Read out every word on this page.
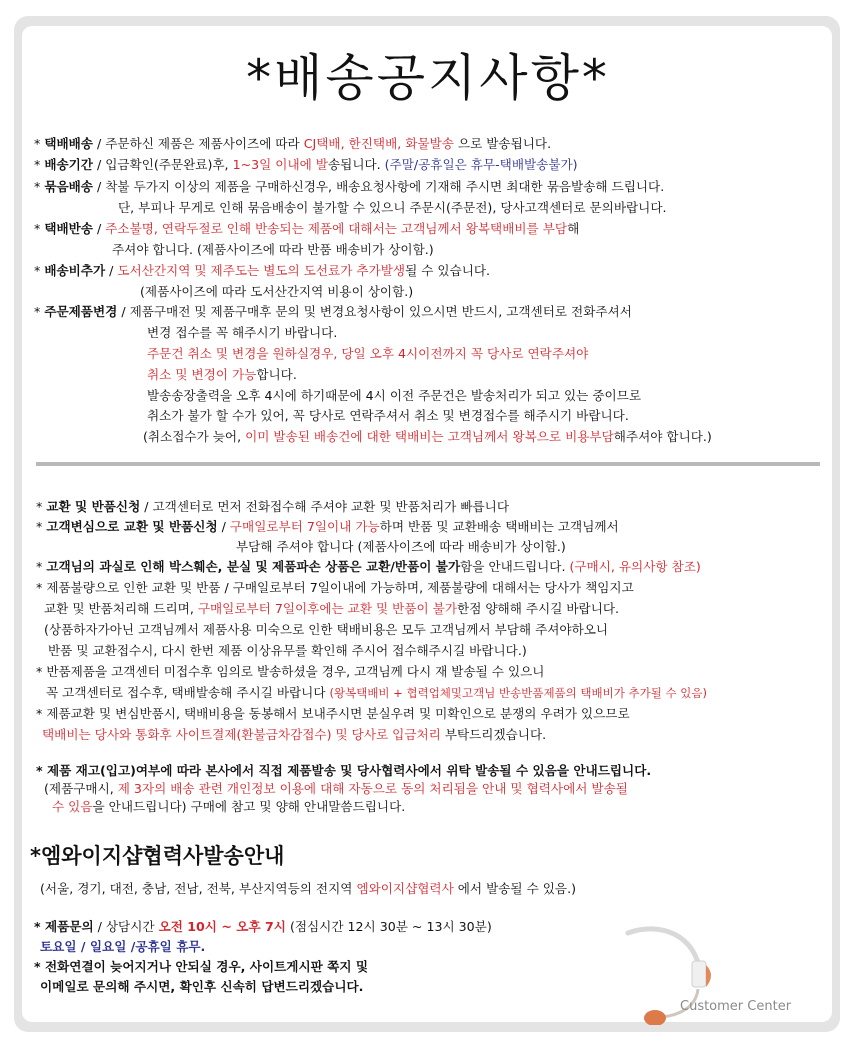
*배송공지사항*
* 택배배송 / 주문하신 제품은 제품사이즈에 따라 CJ택배, 한진택배, 화물발송 으로 발송됩니다.
* 배송기간 / 입금확인(주문완료)후, 1~3일 이내에 발송됩니다. (주말/공휴일은 휴무-택배발송불가)
* 묶음배송 / 착불 두가지 이상의 제품을 구매하신경우, 배송요청사항에 기재해 주시면 최대한 묶음발송해 드립니다.
단, 부피나 무게로 인해 묶음배송이 불가할 수 있으니 주문시(주문전), 당사고객센터로 문의바랍니다.
* 택배반송 / 주소불명, 연락두절로 인해 반송되는 제품에 대해서는 고객님께서 왕복택배비를 부담해
주셔야 합니다. (제품사이즈에 따라 반품 배송비가 상이함.)
* 배송비추가 / 도서산간지역 및 제주도는 별도의 도선료가 추가발생될 수 있습니다.
(제품사이즈에 따라 도서산간지역 비용이 상이함.)
* 주문제품변경 / 제품구매전 및 제품구매후 문의 및 변경요청사항이 있으시면 반드시, 고객센터로 전화주셔서
변경 접수를 꼭 해주시기 바랍니다.
주문건 취소 및 변경을 원하실경우, 당일 오후 4시이전까지 꼭 당사로 연락주셔야
취소 및 변경이 가능합니다.
발송송장출력을 오후 4시에 하기때문에 4시 이전 주문건은 발송처리가 되고 있는 중이므로
취소가 불가 할 수가 있어, 꼭 당사로 연락주셔서 취소 및 변경접수를 해주시기 바랍니다.
(취소접수가 늦어, 이미 발송된 배송건에 대한 택배비는 고객님께서 왕복으로 비용부담해주셔야 합니다.)
* 교환 및 반품신청 / 고객센터로 먼저 전화접수해 주셔야 교환 및 반품처리가 빠릅니다
* 고객변심으로 교환 및 반품신청 / 구매일로부터 7일이내 가능하며 반품 및 교환배송 택배비는 고객님께서
부담해 주셔야 합니다 (제품사이즈에 따라 배송비가 상이함.)
* 고객님의 과실로 인해 박스훼손, 분실 및 제품파손 상품은 교환/반품이 불가함을 안내드립니다. (구매시, 유의사항 참조)
* 제품불량으로 인한 교환 및 반품 / 구매일로부터 7일이내에 가능하며, 제품불량에 대해서는 당사가 책임지고
교환 및 반품처리해 드리며, 구매일로부터 7일이후에는 교환 및 반품이 불가한점 양해해 주시길 바랍니다.
(상품하자가아닌 고객님께서 제품사용 미숙으로 인한 택배비용은 모두 고객님께서 부담해 주셔야하오니
반품 및 교환접수시, 다시 한번 제품 이상유무를 확인해 주시어 접수해주시길 바랍니다.)
* 반품제품을 고객센터 미접수후 임의로 발송하셨을 경우, 고객님께 다시 재 발송될 수 있으니
꼭 고객센터로 접수후, 택배발송해 주시길 바랍니다 (왕복택배비 + 협력업체및고객님 반송반품제품의 택배비가 추가될 수 있음)
* 제품교환 및 변심반품시, 택배비용을 동봉해서 보내주시면 분실우려 및 미확인으로 분쟁의 우려가 있으므로
택배비는 당사와 통화후 사이트결제(환불금차감접수) 및 당사로 입금처리 부탁드리겠습니다.
* 제품 재고(입고)여부에 따라 본사에서 직접 제품발송 및 당사협력사에서 위탁 발송될 수 있음을 안내드립니다.
(제품구매시, 제 3자의 배송 관련 개인정보 이용에 대해 자동으로 동의 처리됨을 안내 및 협력사에서 발송될
수 있음을 안내드립니다) 구매에 참고 및 양해 안내말씀드립니다.
*엠와이지샵협력사발송안내
(서울, 경기, 대전, 충남, 전남, 전북, 부산지역등의 전지역 엠와이지샵협력사 에서 발송될 수 있음.)
* 제품문의 / 상담시간 오전 10시 ~ 오후 7시 (점심시간 12시 30분 ~ 13시 30분)
토요일 / 일요일 /공휴일 휴무.
* 전화연결이 늦어지거나 안되실 경우, 사이트게시판 쪽지 및
이메일로 문의해 주시면, 확인후 신속히 답변드리겠습니다.
Customer Center
